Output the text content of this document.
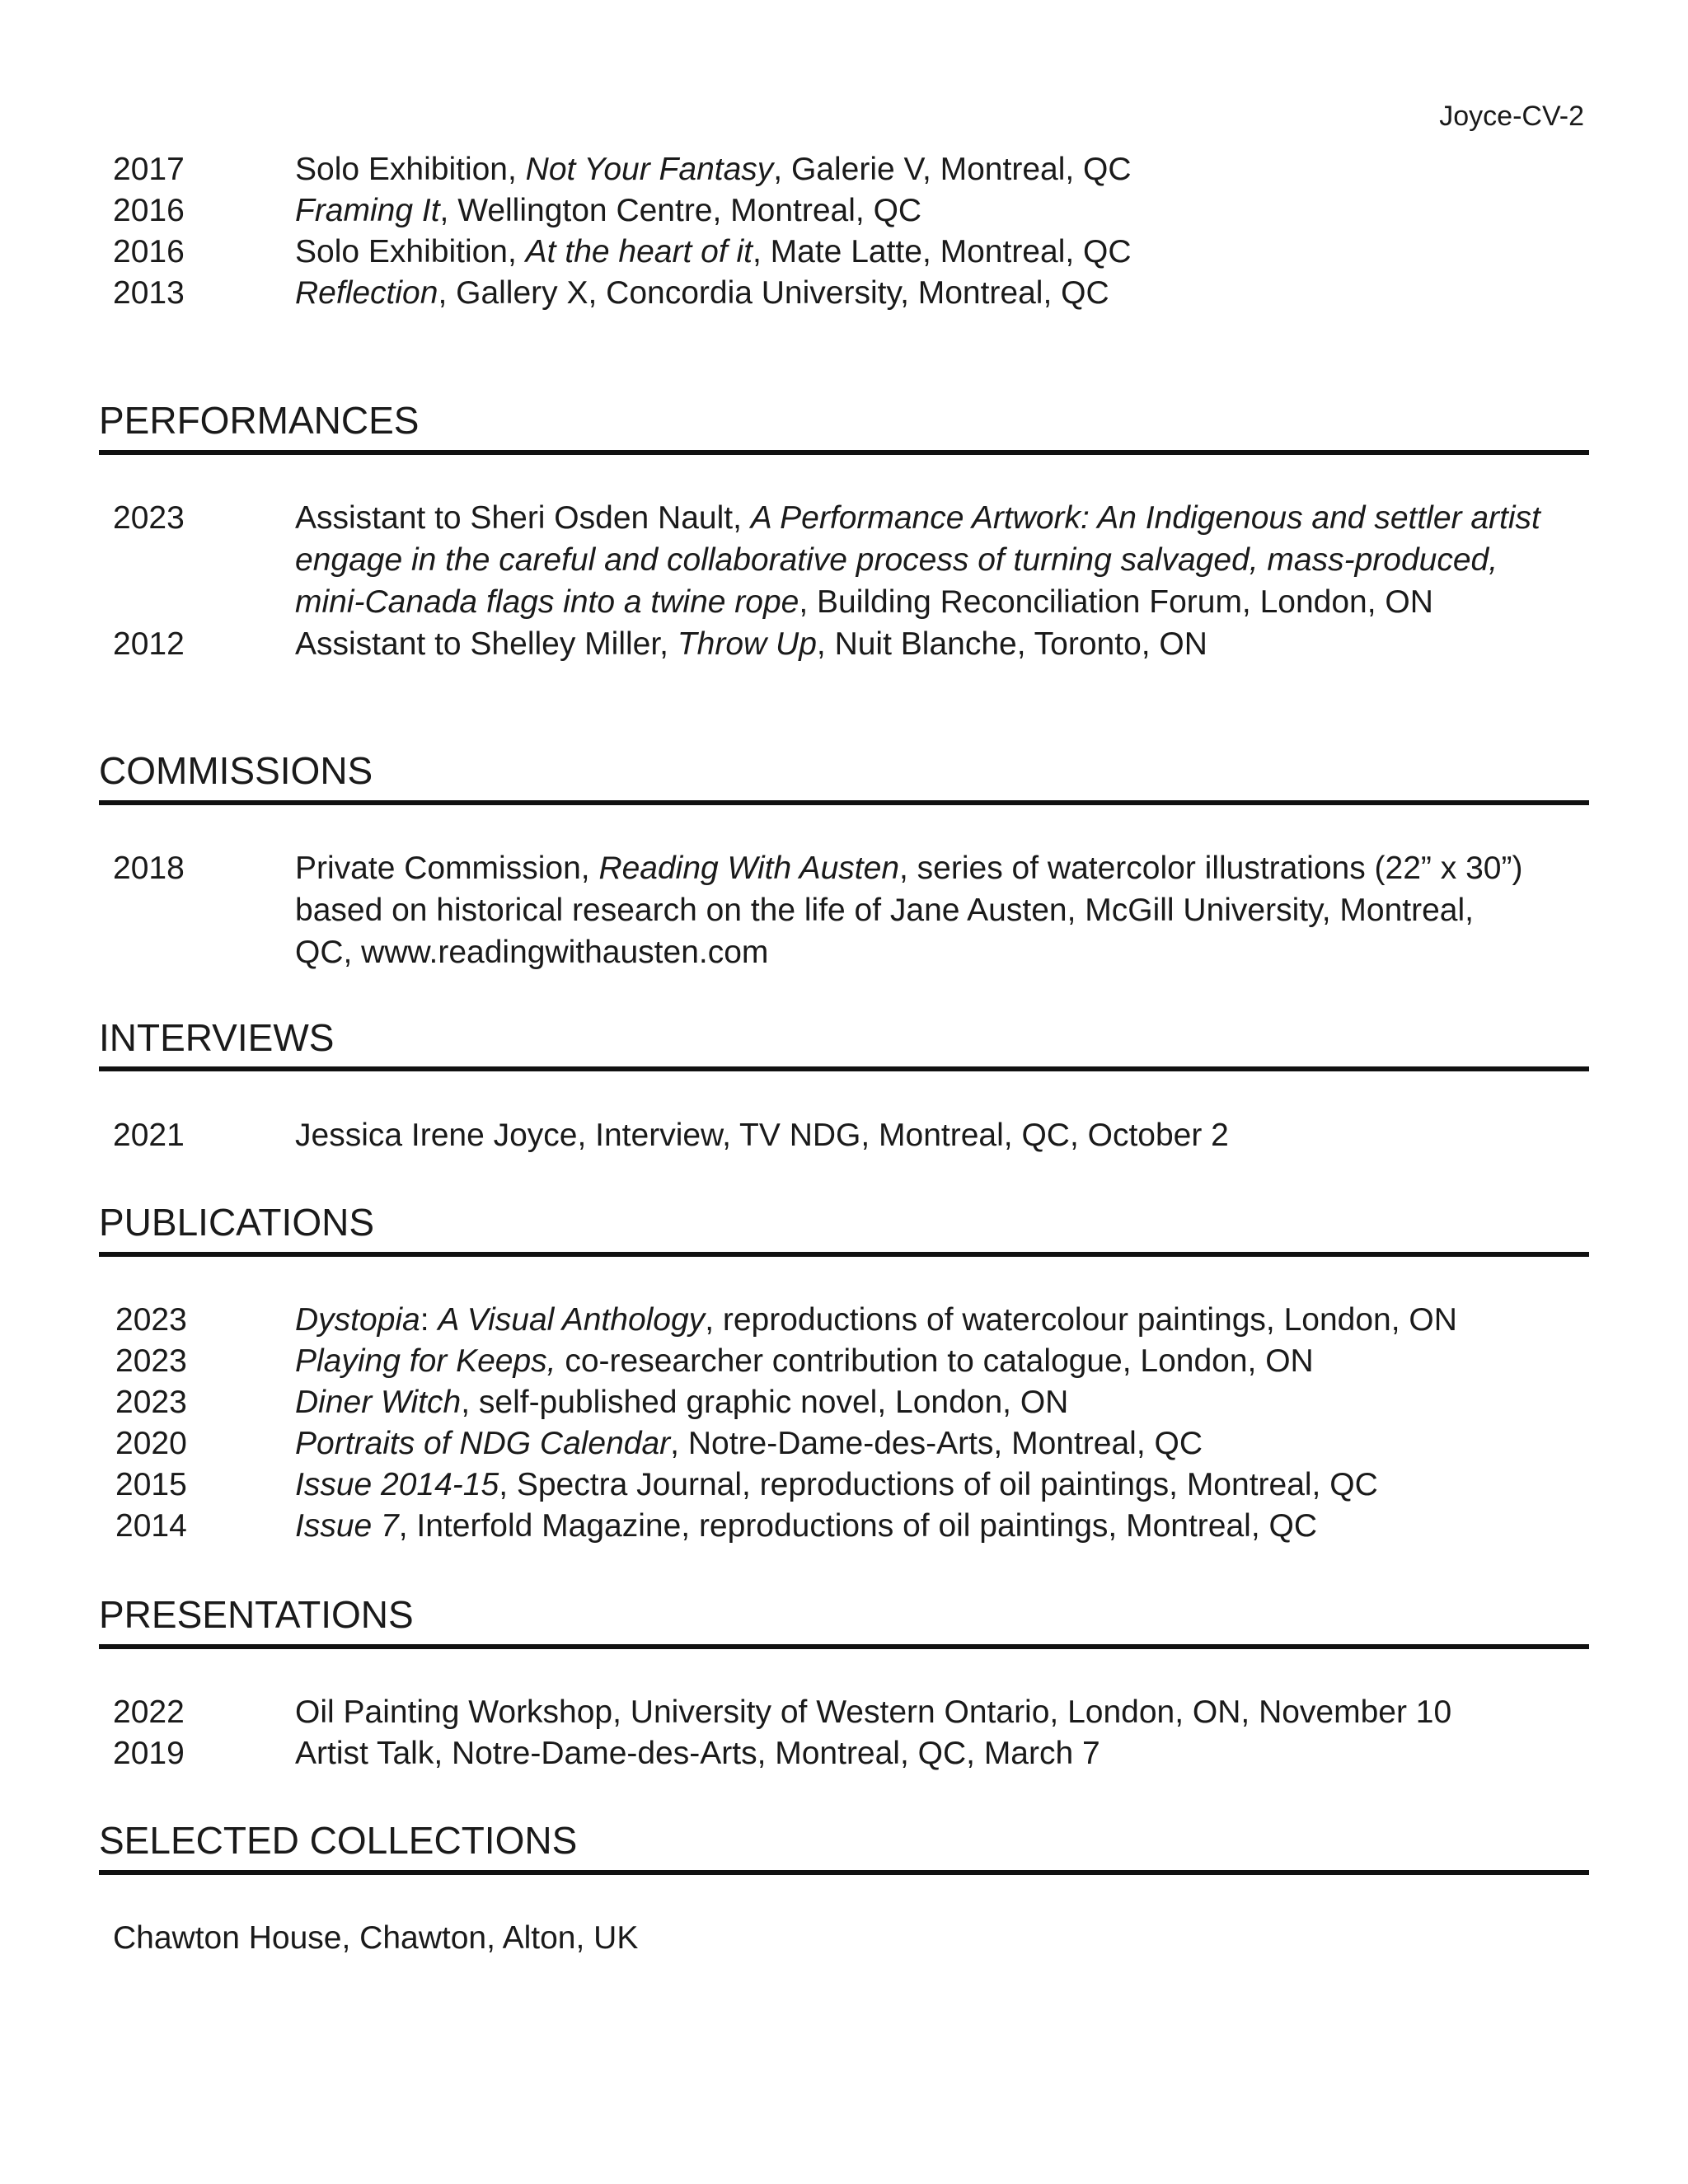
Joyce-CV-2
2017	Solo Exhibition, Not Your Fantasy, Galerie V, Montreal, QC
2016	Framing It, Wellington Centre, Montreal, QC
2016	Solo Exhibition, At the heart of it, Mate Latte, Montreal, QC
2013	Reflection, Gallery X, Concordia University, Montreal, QC
PERFORMANCES
2023	Assistant to Sheri Osden Nault, A Performance Artwork: An Indigenous and settler artist
engage in the careful and collaborative process of turning salvaged, mass-produced,
mini-Canada flags into a twine rope, Building Reconciliation Forum, London, ON
2012	Assistant to Shelley Miller, Throw Up, Nuit Blanche, Toronto, ON
COMMISSIONS
2018	Private Commission, Reading With Austen, series of watercolor illustrations (22” x 30”)
based on historical research on the life of Jane Austen, McGill University, Montreal,
QC, www.readingwithausten.com
INTERVIEWS
2021	Jessica Irene Joyce, Interview, TV NDG, Montreal, QC, October 2
PUBLICATIONS
2023	Dystopia: A Visual Anthology, reproductions of watercolour paintings, London, ON
2023	Playing for Keeps, co-researcher contribution to catalogue, London, ON
2023	Diner Witch, self-published graphic novel, London, ON
2020	Portraits of NDG Calendar, Notre-Dame-des-Arts, Montreal, QC
2015	Issue 2014-15, Spectra Journal, reproductions of oil paintings, Montreal, QC
2014	Issue 7, Interfold Magazine, reproductions of oil paintings, Montreal, QC
PRESENTATIONS
2022	Oil Painting Workshop, University of Western Ontario, London, ON, November 10
2019	Artist Talk, Notre-Dame-des-Arts, Montreal, QC, March 7
SELECTED COLLECTIONS
Chawton House, Chawton, Alton, UK
